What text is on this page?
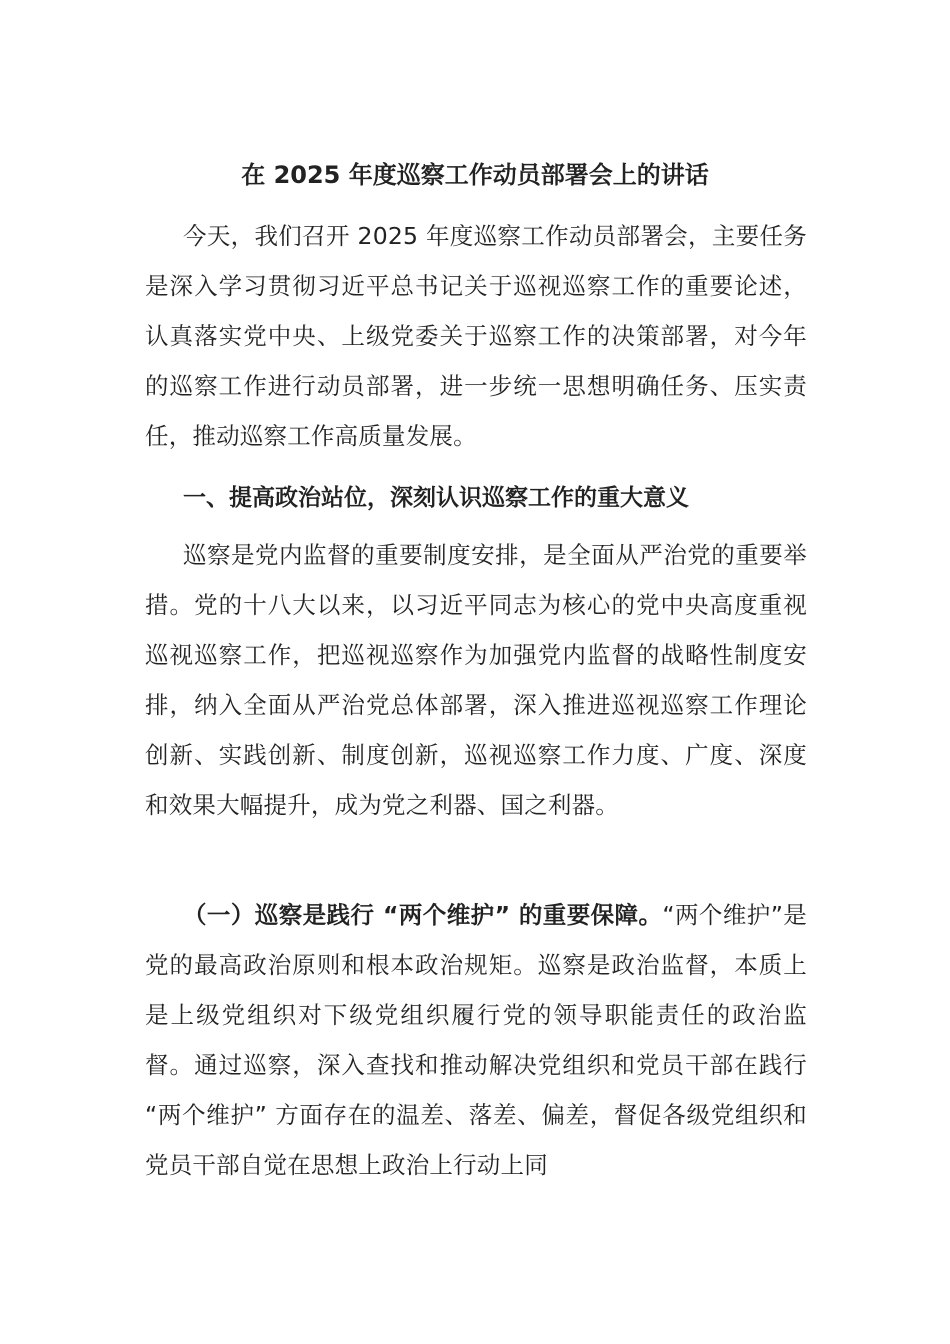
在 2025 年度巡察工作动员部署会上的讲话

今天，我们召开 2025 年度巡察工作动员部署会，主要任务是深入学习贯彻习近平总书记关于巡视巡察工作的重要论述，认真落实党中央、上级党委关于巡察工作的决策部署，对今年的巡察工作进行动员部署，进一步统一思想明确任务、压实责任，推动巡察工作高质量发展。

一、提高政治站位，深刻认识巡察工作的重大意义

巡察是党内监督的重要制度安排，是全面从严治党的重要举措。党的十八大以来，以习近平同志为核心的党中央高度重视巡视巡察工作，把巡视巡察作为加强党内监督的战略性制度安排，纳入全面从严治党总体部署，深入推进巡视巡察工作理论创新、实践创新、制度创新，巡视巡察工作力度、广度、深度和效果大幅提升，成为党之利器、国之利器。

（一）巡察是践行 “两个维护” 的重要保障。“两个维护”是党的最高政治原则和根本政治规矩。巡察是政治监督，本质上是上级党组织对下级党组织履行党的领导职能责任的政治监督。通过巡察，深入查找和推动解决党组织和党员干部在践行 “两个维护” 方面存在的温差、落差、偏差，督促各级党组织和党员干部自觉在思想上政治上行动上同
